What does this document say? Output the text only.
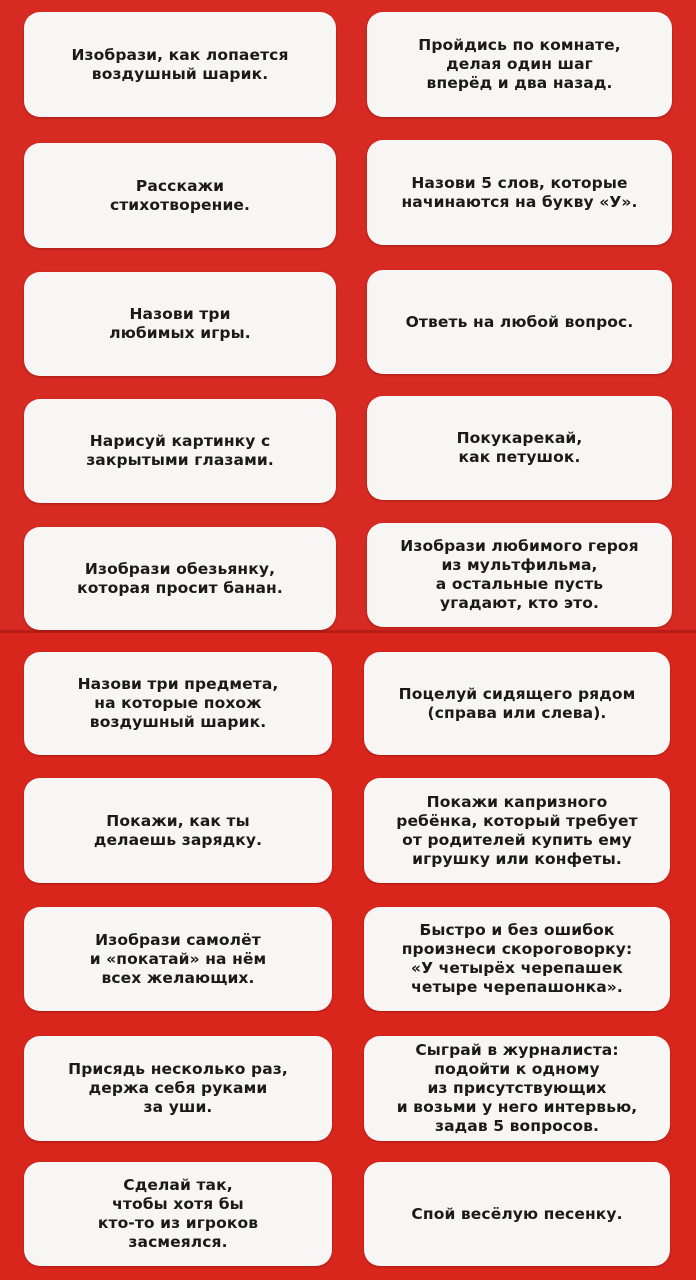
Изобрази, как лопается
воздушный шарик.
Пройдись по комнате,
делая один шаг
вперёд и два назад.
Расскажи
стихотворение.
Назови 5 слов, которые
начинаются на букву «У».
Назови три
любимых игры.
Ответь на любой вопрос.
Нарисуй картинку с
закрытыми глазами.
Покукарекай,
как петушок.
Изобрази обезьянку,
которая просит банан.
Изобрази любимого героя
из мультфильма,
а остальные пусть
угадают, кто это.
Назови три предмета,
на которые похож
воздушный шарик.
Поцелуй сидящего рядом
(справа или слева).
Покажи, как ты
делаешь зарядку.
Покажи капризного
ребёнка, который требует
от родителей купить ему
игрушку или конфеты.
Изобрази самолёт
и «покатай» на нём
всех желающих.
Быстро и без ошибок
произнеси скороговорку:
«У четырёх черепашек
четыре черепашонка».
Присядь несколько раз,
держа себя руками
за уши.
Сыграй в журналиста:
подойти к одному
из присутствующих
и возьми у него интервью,
задав 5 вопросов.
Сделай так,
чтобы хотя бы
кто-то из игроков
засмеялся.
Спой весёлую песенку.
